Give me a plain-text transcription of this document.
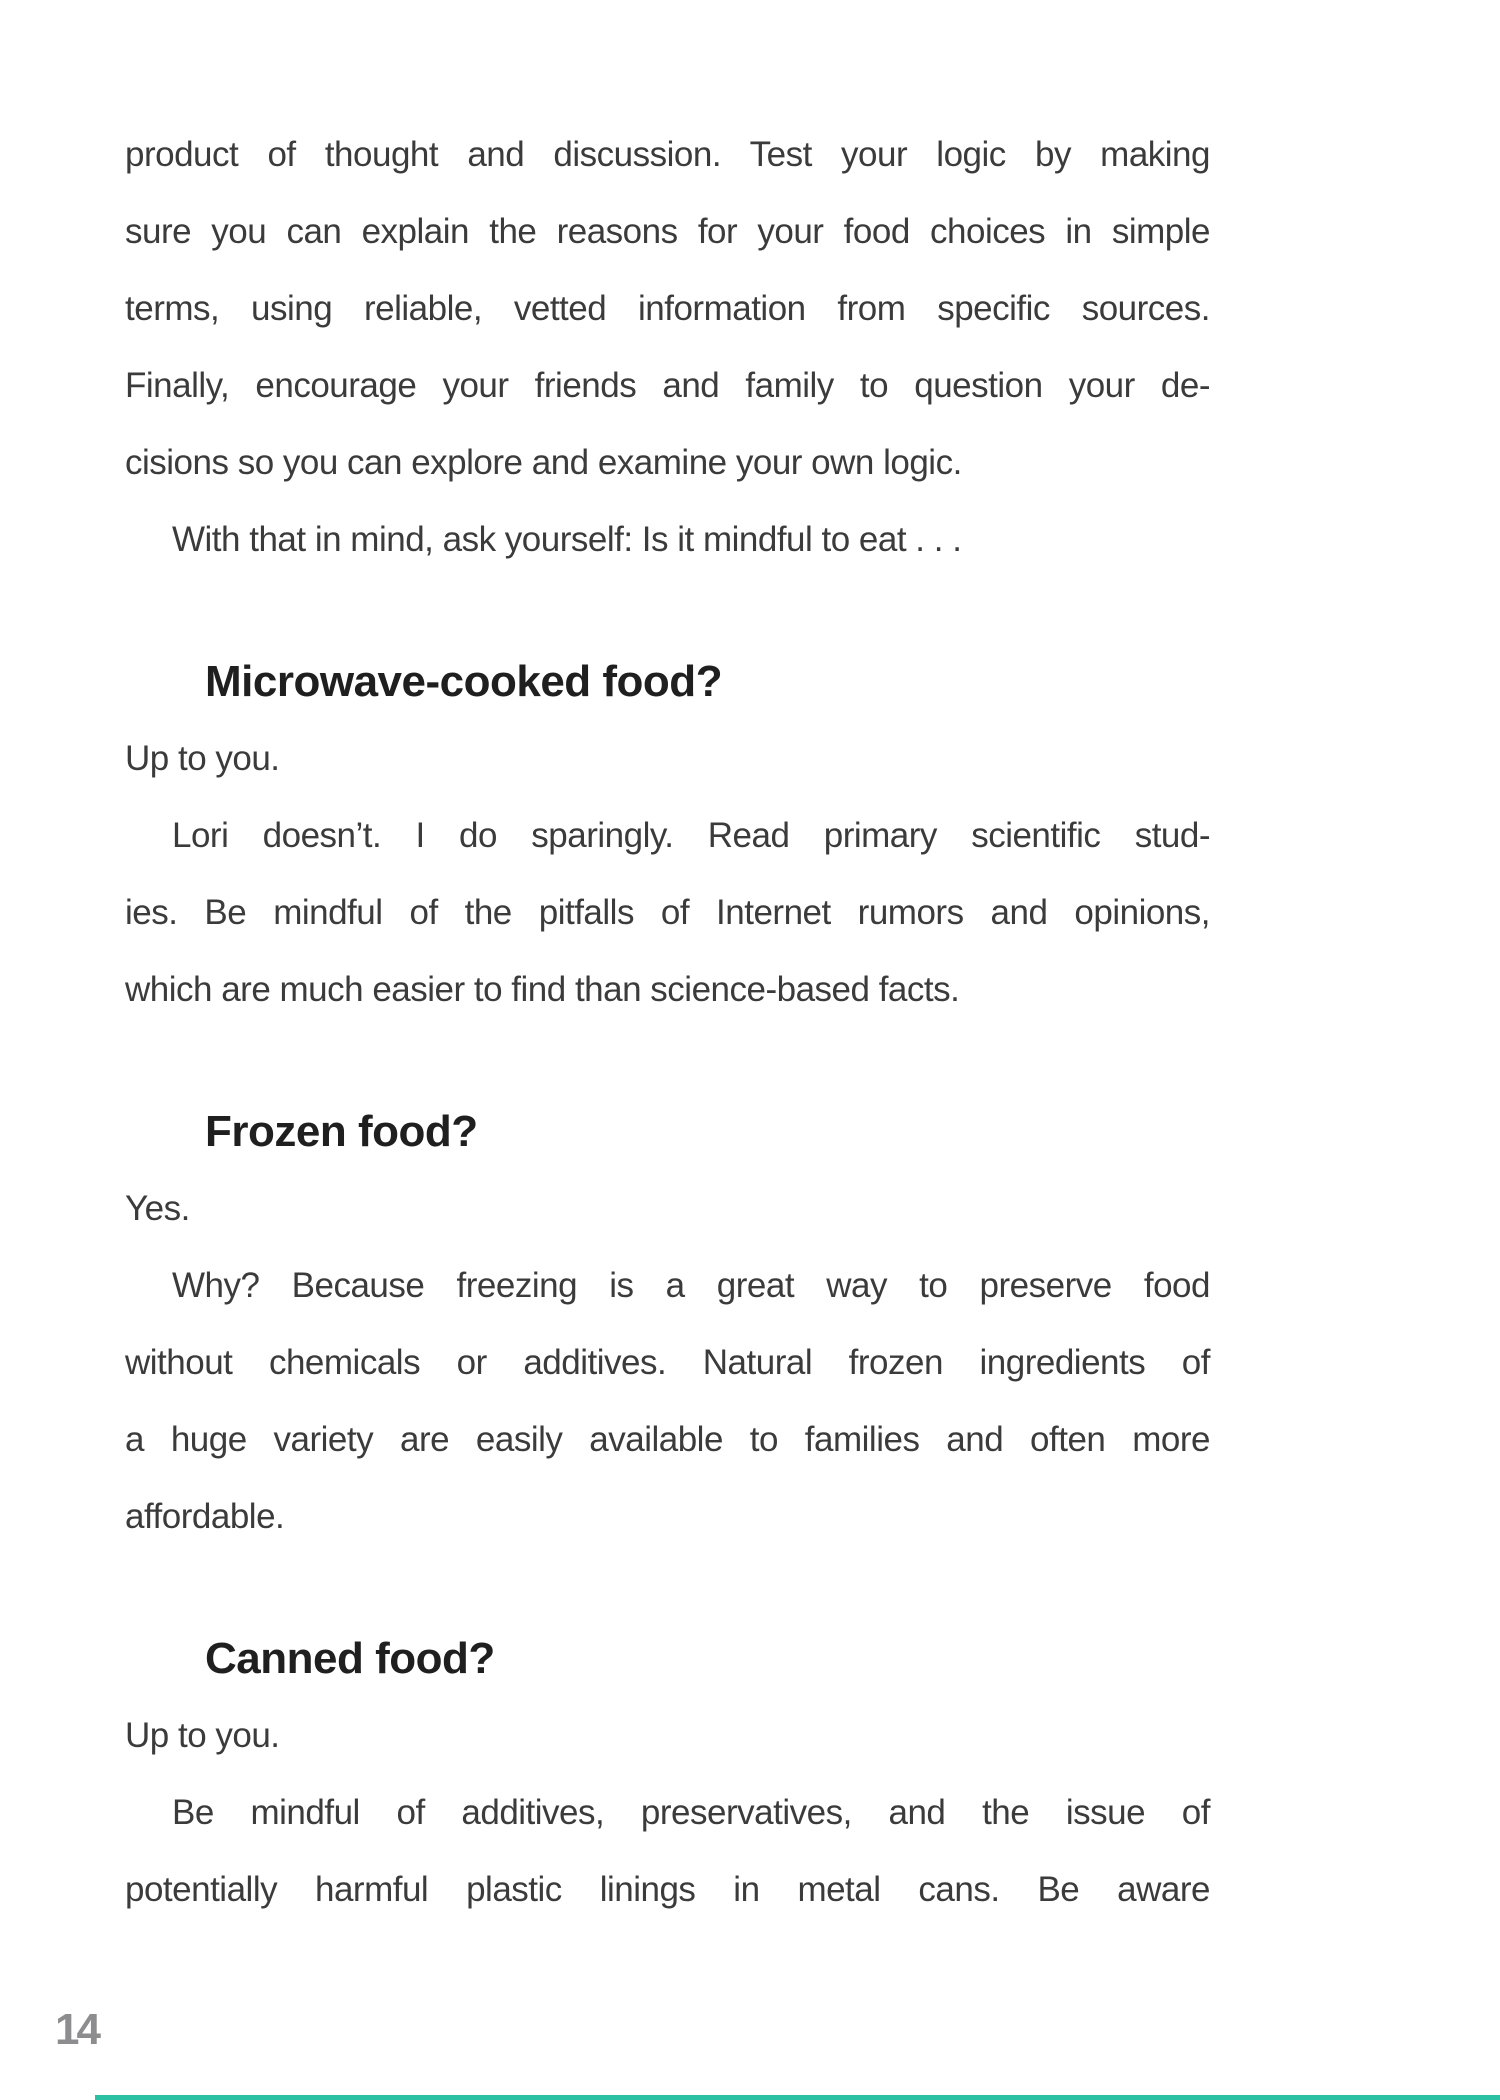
product of thought and discussion. Test your logic by making
sure you can explain the reasons for your food choices in simple
terms, using reliable, vetted information from specific sources.
Finally, encourage your friends and family to question your de-
cisions so you can explore and examine your own logic.
With that in mind, ask yourself: Is it mindful to eat . . .
Microwave-cooked food?
Up to you.
Lori doesn’t. I do sparingly. Read primary scientific stud-
ies. Be mindful of the pitfalls of Internet rumors and opinions,
which are much easier to find than science-based facts.
Frozen food?
Yes.
Why? Because freezing is a great way to preserve food
without chemicals or additives. Natural frozen ingredients of
a huge variety are easily available to families and often more
affordable.
Canned food?
Up to you.
Be mindful of additives, preservatives, and the issue of
potentially harmful plastic linings in metal cans. Be aware
14
